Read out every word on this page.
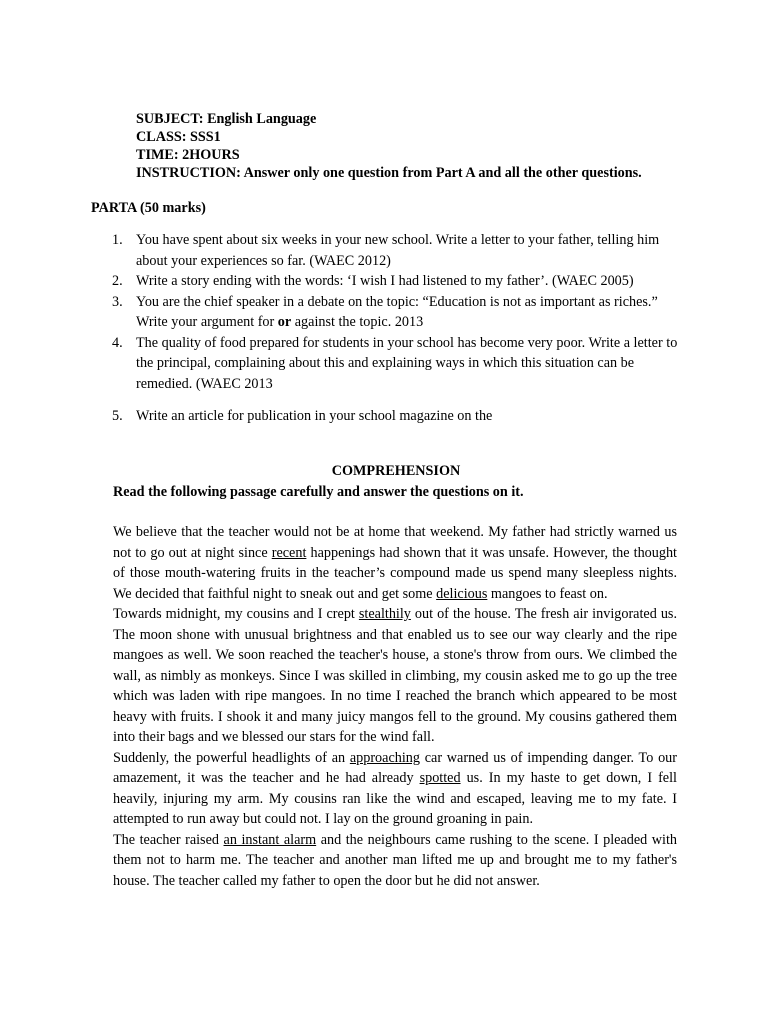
SUBJECT: English Language
CLASS: SSS1
TIME: 2HOURS
INSTRUCTION: Answer only one question from Part A and all the other questions.
PARTA (50 marks)
1. You have spent about six weeks in your new school. Write a letter to your father, telling him about your experiences so far. (WAEC 2012)
2. Write a story ending with the words: ‘I wish I had listened to my father’. (WAEC 2005)
3. You are the chief speaker in a debate on the topic: “Education is not as important as riches.” Write your argument for or against the topic. 2013
4. The quality of food prepared for students in your school has become very poor. Write a letter to the principal, complaining about this and explaining ways in which this situation can be remedied. (WAEC 2013
5. Write an article for publication in your school magazine on the
COMPREHENSION
Read the following passage carefully and answer the questions on it.

We believe that the teacher would not be at home that weekend. My father had strictly warned us not to go out at night since recent happenings had shown that it was unsafe. However, the thought of those mouth-watering fruits in the teacher’s compound made us spend many sleepless nights. We decided that faithful night to sneak out and get some delicious mangoes to feast on.

Towards midnight, my cousins and I crept stealthily out of the house. The fresh air invigorated us. The moon shone with unusual brightness and that enabled us to see our way clearly and the ripe mangoes as well. We soon reached the teacher's house, a stone's throw from ours. We climbed the wall, as nimbly as monkeys. Since I was skilled in climbing, my cousin asked me to go up the tree which was laden with ripe mangoes. In no time I reached the branch which appeared to be most heavy with fruits. I shook it and many juicy mangos fell to the ground. My cousins gathered them into their bags and we blessed our stars for the wind fall.

Suddenly, the powerful headlights of an approaching car warned us of impending danger. To our amazement, it was the teacher and he had already spotted us. In my haste to get down, I fell heavily, injuring my arm. My cousins ran like the wind and escaped, leaving me to my fate. I attempted to run away but could not. I lay on the ground groaning in pain.

The teacher raised an instant alarm and the neighbours came rushing to the scene. I pleaded with them not to harm me. The teacher and another man lifted me up and brought me to my father's house. The teacher called my father to open the door but he did not answer.
